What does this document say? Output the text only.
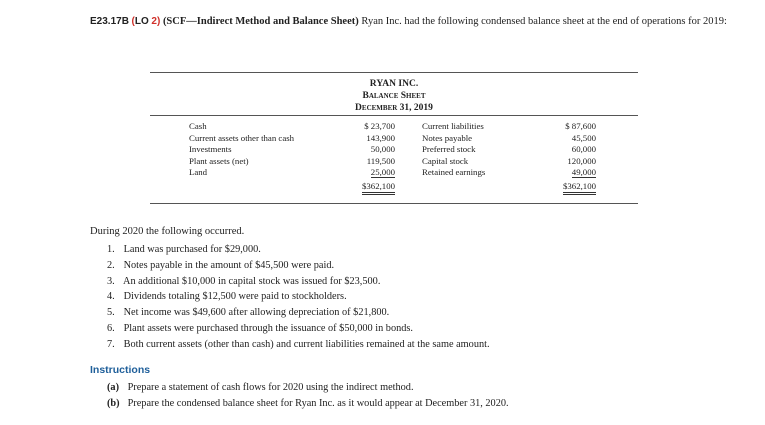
E23.17B (LO 2) (SCF—Indirect Method and Balance Sheet) Ryan Inc. had the following condensed balance sheet at the end of operations for 2019:
RYAN INC.
Balance Sheet
December 31, 2019
Cash
Current assets other than cash
Investments
Plant assets (net)
Land
$ 23,700
143,900
50,000
119,500
25,000
$362,100
Current liabilities
Notes payable
Preferred stock
Capital stock
Retained earnings
$ 87,600
45,500
60,000
120,000
49,000
$362,100
During 2020 the following occurred.
1. Land was purchased for $29,000.
2. Notes payable in the amount of $45,500 were paid.
3. An additional $10,000 in capital stock was issued for $23,500.
4. Dividends totaling $12,500 were paid to stockholders.
5. Net income was $49,600 after allowing depreciation of $21,800.
6. Plant assets were purchased through the issuance of $50,000 in bonds.
7. Both current assets (other than cash) and current liabilities remained at the same amount.
Instructions
(a) Prepare a statement of cash flows for 2020 using the indirect method.
(b) Prepare the condensed balance sheet for Ryan Inc. as it would appear at December 31, 2020.
